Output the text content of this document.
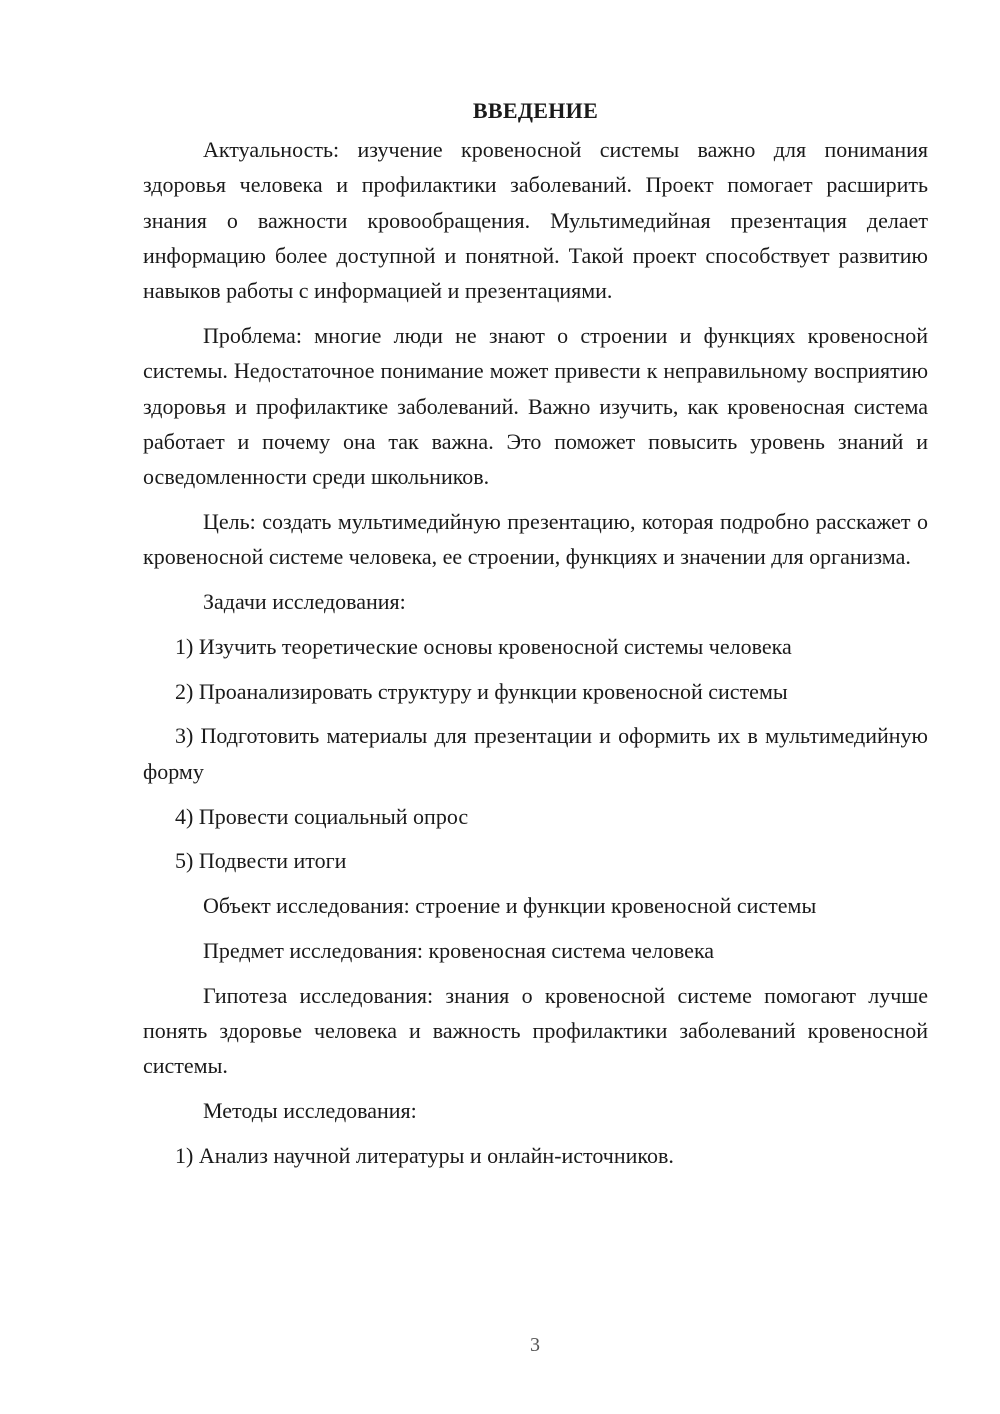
ВВЕДЕНИЕ

Актуальность: изучение кровеносной системы важно для понимания здоровья человека и профилактики заболеваний. Проект помогает расширить знания о важности кровообращения. Мультимедийная презентация делает информацию более доступной и понятной. Такой проект способствует развитию навыков работы с информацией и презентациями.

Проблема: многие люди не знают о строении и функциях кровеносной системы. Недостаточное понимание может привести к неправильному восприятию здоровья и профилактике заболеваний. Важно изучить, как кровеносная система работает и почему она так важна. Это поможет повысить уровень знаний и осведомленности среди школьников.

Цель: создать мультимедийную презентацию, которая подробно расскажет о кровеносной системе человека, ее строении, функциях и значении для организма.

Задачи исследования:

1) Изучить теоретические основы кровеносной системы человека

2) Проанализировать структуру и функции кровеносной системы

3) Подготовить материалы для презентации и оформить их в мультимедийную форму

4) Провести социальный опрос

5) Подвести итоги

Объект исследования: строение и функции кровеносной системы

Предмет исследования: кровеносная система человека

Гипотеза исследования: знания о кровеносной системе помогают лучше понять здоровье человека и важность профилактики заболеваний кровеносной системы.

Методы исследования:

1) Анализ научной литературы и онлайн-источников.

3
